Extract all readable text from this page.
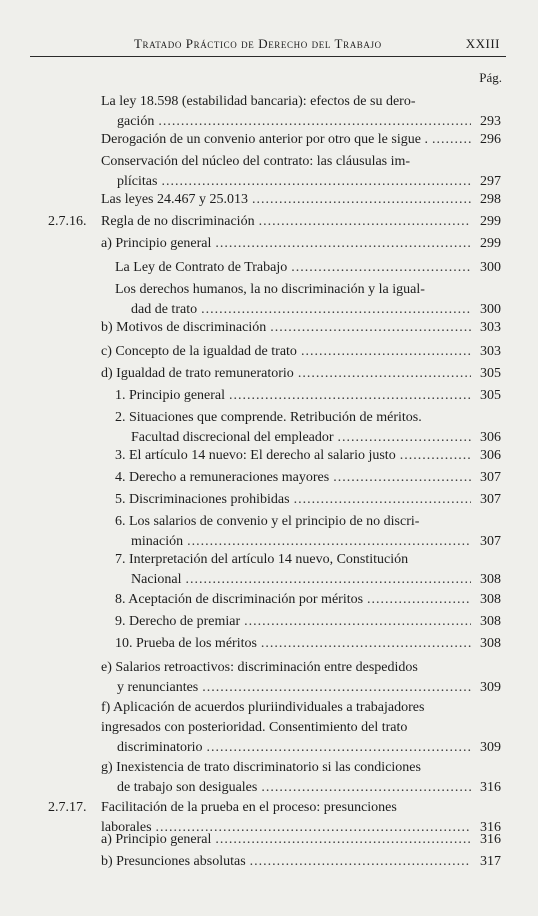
Tratado Práctico de Derecho del Trabajo	XXIII
Pág.
La ley 18.598 (estabilidad bancaria): efectos de su dero-
gación .....	293
Derogación de un convenio anterior por otro que le sigue . .....	296
Conservación del núcleo del contrato: las cláusulas im-
plícitas .....	297
Las leyes 24.467 y 25.013 .....	298
2.7.16. Regla de no discriminación .....	299
a) Principio general .....	299
La Ley de Contrato de Trabajo .....	300
Los derechos humanos, la no discriminación y la igual-
dad de trato .....	300
b) Motivos de discriminación .....	303
c) Concepto de la igualdad de trato .....	303
d) Igualdad de trato remuneratorio .....	305
1. Principio general .....	305
2. Situaciones que comprende. Retribución de méritos.
Facultad discrecional del empleador .....	306
3. El artículo 14 nuevo: El derecho al salario justo .....	306
4. Derecho a remuneraciones mayores .....	307
5. Discriminaciones prohibidas .....	307
6. Los salarios de convenio y el principio de no discri-
minación .....	307
7. Interpretación del artículo 14 nuevo, Constitución
Nacional .....	308
8. Aceptación de discriminación por méritos .....	308
9. Derecho de premiar .....	308
10. Prueba de los méritos .....	308
e) Salarios retroactivos: discriminación entre despedidos
y renunciantes .....	309
f) Aplicación de acuerdos pluriindividuales a trabajadores
ingresados con posterioridad. Consentimiento del trato
discriminatorio .....	309
g) Inexistencia de trato discriminatorio si las condiciones
de trabajo son desiguales .....	316
2.7.17. Facilitación de la prueba en el proceso: presunciones
laborales .....	316
a) Principio general .....	316
b) Presunciones absolutas .....	317
